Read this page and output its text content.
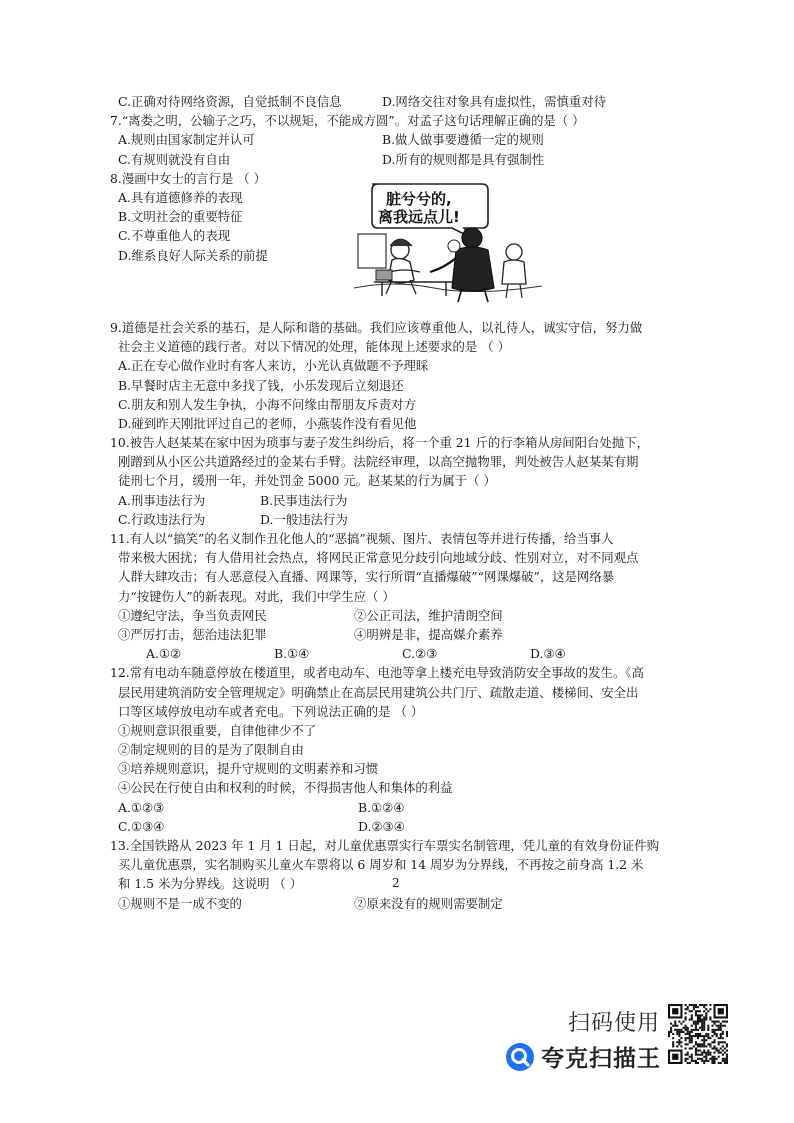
C.正确对待网络资源，自觉抵制不良信息	D.网络交往对象具有虚拟性，需慎重对待
7.“离娄之明，公输子之巧，不以规矩，不能成方圆”。对孟子这句话理解正确的是（ ）
A.规则由国家制定并认可	B.做人做事要遵循一定的规则
C.有规则就没有自由	D.所有的规则都是具有强制性
8.漫画中女士的言行是 （ ）
A.具有道德修养的表现
B.文明社会的重要特征
C.不尊重他人的表现
D.维系良好人际关系的前提
脏兮兮的,
离我远点儿!
9.道德是社会关系的基石，是人际和谐的基础。我们应该尊重他人，以礼待人，诚实守信，努力做
社会主义道德的践行者。对以下情况的处理，能体现上述要求的是 （ ）
A.正在专心做作业时有客人来访，小光认真做题不予理睬
B.早餐时店主无意中多找了钱，小乐发现后立刻退还
C.朋友和别人发生争执，小海不问缘由帮朋友斥责对方
D.碰到昨天刚批评过自己的老师，小燕装作没有看见他
10.被告人赵某某在家中因为琐事与妻子发生纠纷后，将一个重 21 斤的行李箱从房间阳台处抛下，
刚蹭到从小区公共道路经过的金某右手臂。法院经审理，以高空抛物罪，判处被告人赵某某有期
徒刑七个月，缓刑一年，并处罚金 5000 元。赵某某的行为属于（ ）
A.刑事违法行为	B.民事违法行为
C.行政违法行为	D.一般违法行为
11.有人以“搞笑”的名义制作丑化他人的“恶搞”视频、图片、表情包等并进行传播，给当事人
带来极大困扰；有人借用社会热点，将网民正常意见分歧引向地域分歧、性别对立，对不同观点
人群大肆攻击；有人恶意侵入直播、网课等，实行所谓“直播爆破”“网课爆破”，这是网络暴
力“按键伤人”的新表现。对此，我们中学生应（ ）
①遵纪守法，争当负责网民	②公正司法，维护清朗空间
③严厉打击，惩治违法犯罪	④明辨是非，提高媒介素养
A.①②	B.①④	C.②③	D.③④
12.常有电动车随意停放在楼道里，或者电动车、电池等拿上楼充电导致消防安全事故的发生。《高
层民用建筑消防安全管理规定》明确禁止在高层民用建筑公共门厅、疏散走道、楼梯间、安全出
口等区域停放电动车或者充电。下列说法正确的是 （ ）
①规则意识很重要，自律他律少不了
②制定规则的目的是为了限制自由
③培养规则意识，提升守规则的文明素养和习惯
④公民在行使自由和权利的时候，不得损害他人和集体的利益
A.①②③	B.①②④
C.①③④	D.②③④
13.全国铁路从 2023 年 1 月 1 日起，对儿童优惠票实行车票实名制管理，凭儿童的有效身份证件购
买儿童优惠票，实名制购买儿童火车票将以 6 周岁和 14 周岁为分界线，不再按之前身高 1.2 米
和 1.5 米为分界线。这说明 （ ）
①规则不是一成不变的	②原来没有的规则需要制定
2
扫码使用
夸克扫描王
